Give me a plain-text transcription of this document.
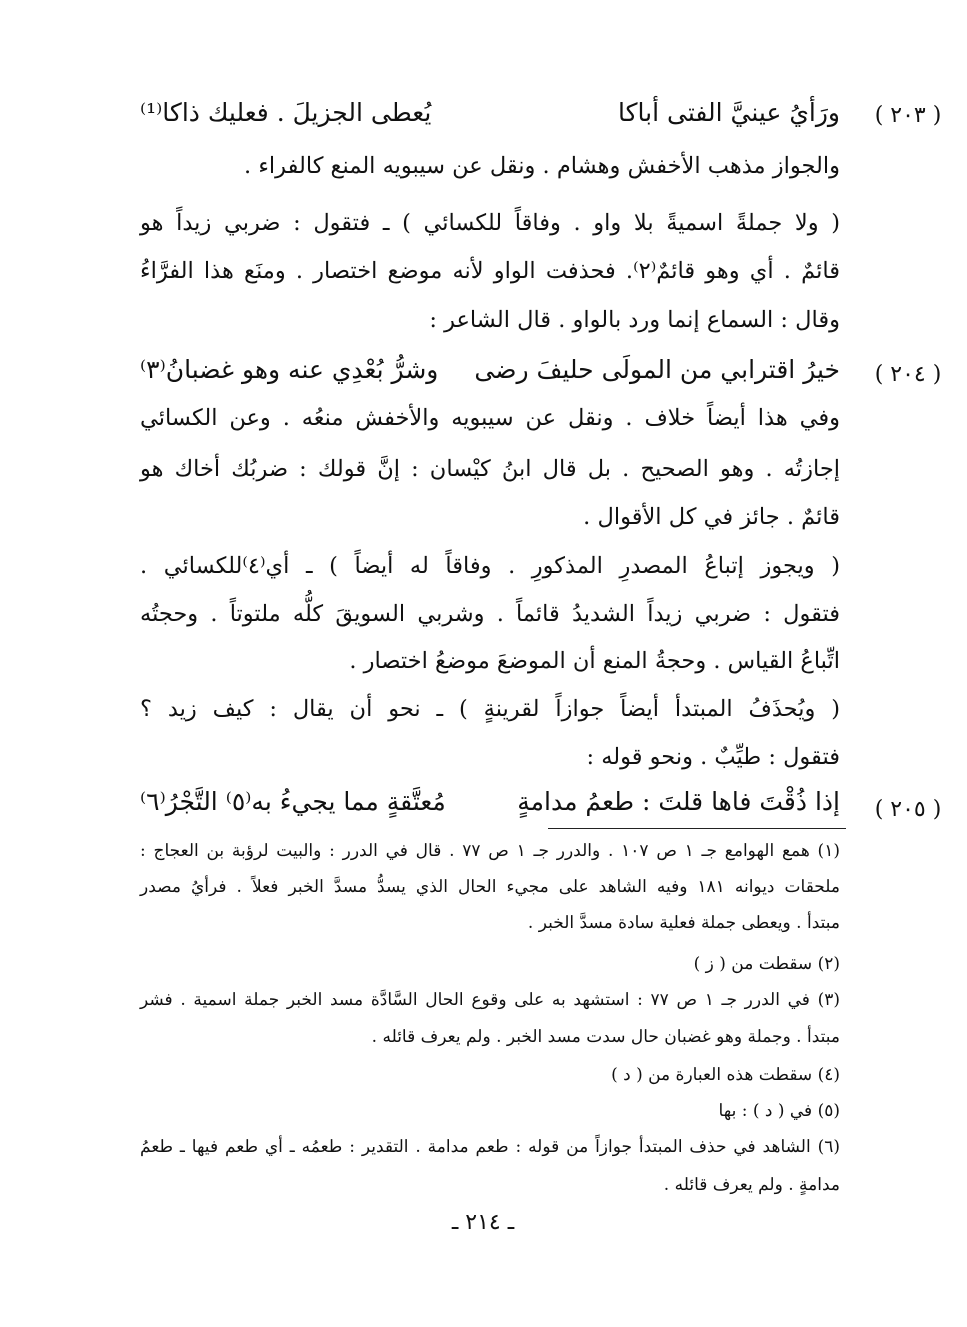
( ٢٠٣ )
ورَأيُ عينيَّ الفتى أباكا
يُعطى الجزيلَ . فعليك ذاكا⁽¹⁾
والجواز مذهب الأخفش وهشام . ونقل عن سيبويه المنع كالفراء .
( ولا جملةً اسميةً بلا واو . وفاقاً للكسائي ) ـ فتقول : ضربي زيداً هو
قائمٌ . أي وهو قائمٌ⁽٢⁾. فحذفت الواو لأنه موضع اختصار . ومنَع هذا الفرَّاءُ
وقال : السماع إنما ورد بالواو . قال الشاعر :
( ٢٠٤ )
خيرُ اقترابي من المولَى حليفَ رضى
وشرُّ بُعْدِي عنه وهو غضبانُ⁽٣⁾
وفي هذا أيضاً خلاف . ونقل عن سيبويه والأخفش منعُه . وعن الكسائي
إجازتُه . وهو الصحيح . بل قال ابنُ كيْسان : إنَّ قولك : ضربُك أخاك هو
قائمٌ . جائز في كل الأقوال .
( ويجوز إتباعُ المصدرِ المذكورِ . وفاقاً له أيضاً ) ـ أي⁽٤⁾للكسائي .
فتقول : ضربي زيداً الشديدُ قائماً . وشربي السويقَ كلُّه ملتوتاً . وحجتُه
اتِّباعُ القياس . وحجةُ المنع أن الموضعَ موضعُ اختصار .
( ويُحذَفُ المبتدأ أيضاً جوازاً لقرينةٍ ) ـ نحو أن يقال : كيف زيد ؟
فتقول : طيِّبٌ . ونحو قوله :
( ٢٠٥ )
إذا ذُقْتَ فاها قلتَ : طعمُ مدامةٍ
مُعتَّقةٍ مما يجيءُ به⁽٥⁾ التَّجْرُ⁽٦⁾
(١) همع الهوامع جـ ١ ص ١٠٧ . والدرر جـ ١ ص ٧٧ . قال في الدرر : والبيت لرؤبة بن العجاج :
ملحقات ديوانه ١٨١ وفيه الشاهد على مجيء الحال الذي يسدُّ مسدَّ الخبر فعلاً . فرأيُ مصدر
مبتدأ . ويعطى جملة فعلية سادة مسدَّ الخبر .
(٢) سقطت من ( ز )
(٣) في الدرر جـ ١ ص ٧٧ : استشهد به على وقوع الحال السَّادَّة مسد الخبر جملة اسمية . فشر
مبتدأ . وجملة وهو غضبان حال سدت مسد الخبر . ولم يعرف قائله .
(٤) سقطت هذه العبارة من ( د )
(٥) في ( د ) : بها
(٦) الشاهد في حذف المبتدأ جوازاً من قوله : طعم مدامة . التقدير : طعمُه ـ أي طعم فيها ـ طعمُ
مدامةٍ . ولم يعرف قائله .
ـ ٢١٤ ـ
